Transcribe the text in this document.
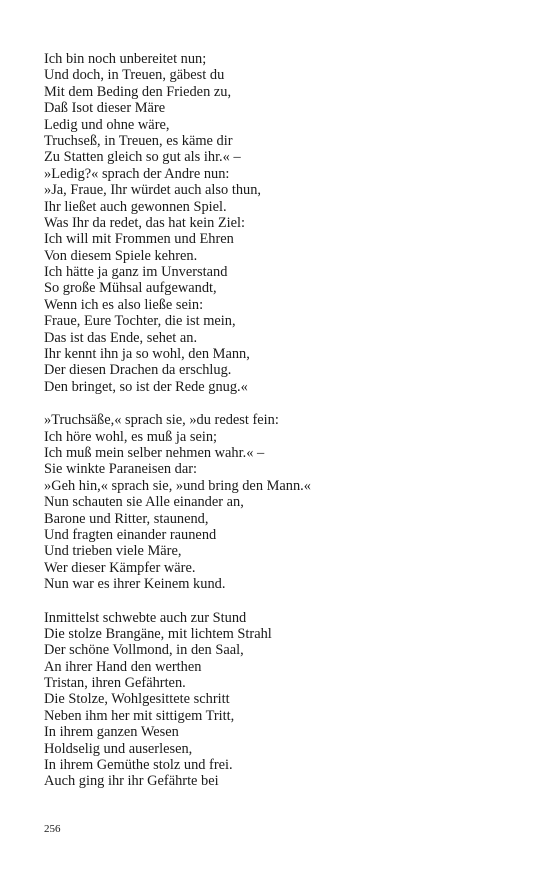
Ich bin noch unbereitet nun;
Und doch, in Treuen, gäbest du
Mit dem Beding den Frieden zu,
Daß Isot dieser Märe
Ledig und ohne wäre,
Truchseß, in Treuen, es käme dir
Zu Statten gleich so gut als ihr.« –
»Ledig?« sprach der Andre nun:
»Ja, Fraue, Ihr würdet auch also thun,
Ihr ließet auch gewonnen Spiel.
Was Ihr da redet, das hat kein Ziel:
Ich will mit Frommen und Ehren
Von diesem Spiele kehren.
Ich hätte ja ganz im Unverstand
So große Mühsal aufgewandt,
Wenn ich es also ließe sein:
Fraue, Eure Tochter, die ist mein,
Das ist das Ende, sehet an.
Ihr kennt ihn ja so wohl, den Mann,
Der diesen Drachen da erschlug.
Den bringet, so ist der Rede gnug.«
»Truchsäße,« sprach sie, »du redest fein:
Ich höre wohl, es muß ja sein;
Ich muß mein selber nehmen wahr.« –
Sie winkte Paraneisen dar:
»Geh hin,« sprach sie, »und bring den Mann.«
Nun schauten sie Alle einander an,
Barone und Ritter, staunend,
Und fragten einander raunend
Und trieben viele Märe,
Wer dieser Kämpfer wäre.
Nun war es ihrer Keinem kund.
Inmittelst schwebte auch zur Stund
Die stolze Brangäne, mit lichtem Strahl
Der schöne Vollmond, in den Saal,
An ihrer Hand den werthen
Tristan, ihren Gefährten.
Die Stolze, Wohlgesittete schritt
Neben ihm her mit sittigem Tritt,
In ihrem ganzen Wesen
Holdselig und auserlesen,
In ihrem Gemüthe stolz und frei.
Auch ging ihr ihr Gefährte bei
256
